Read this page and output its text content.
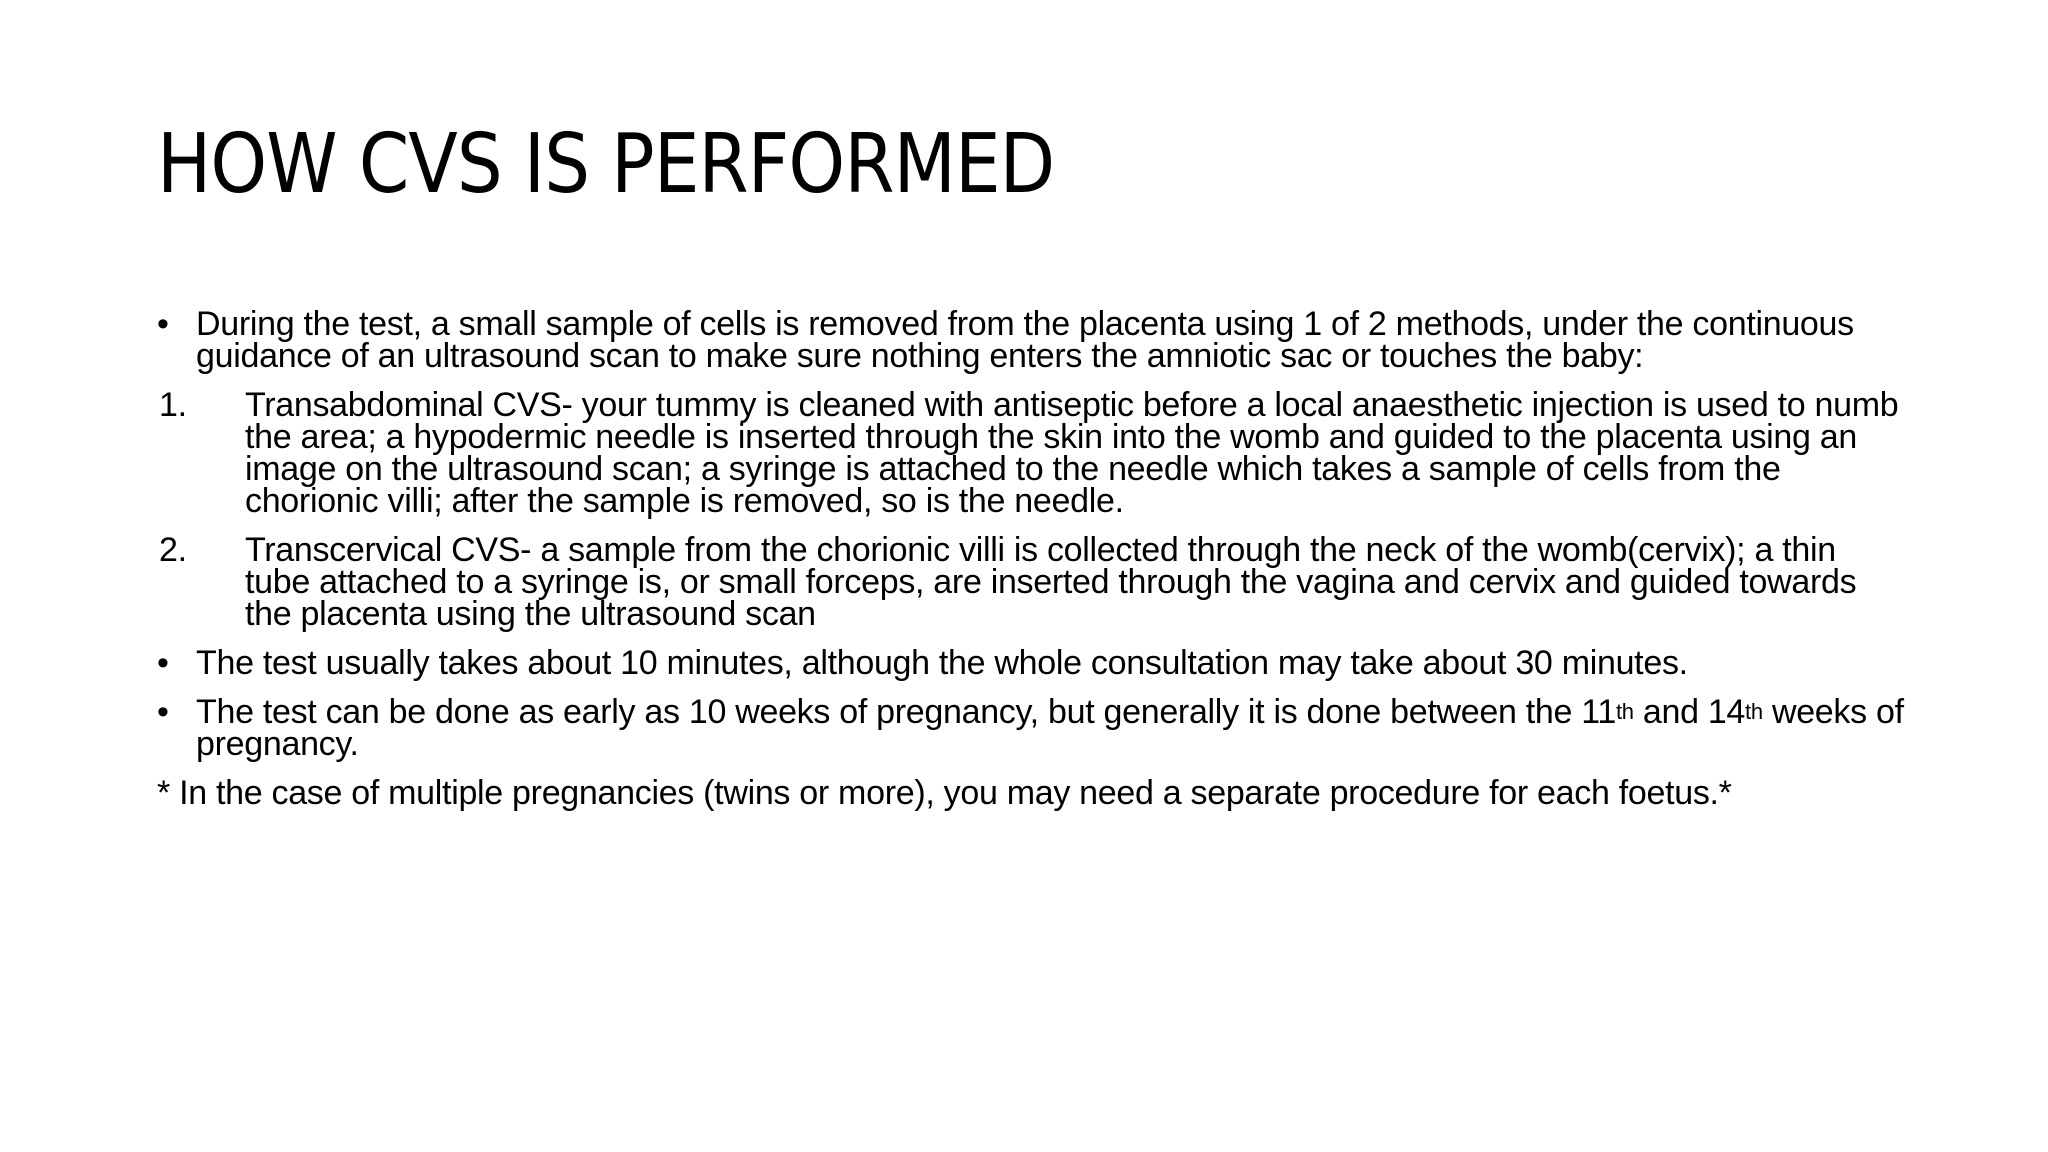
HOW CVS IS PERFORMED

• During the test, a small sample of cells is removed from the placenta using 1 of 2 methods, under the continuous guidance of an ultrasound scan to make sure nothing enters the amniotic sac or touches the baby:

1. Transabdominal CVS- your tummy is cleaned with antiseptic before a local anaesthetic injection is used to numb the area; a hypodermic needle is inserted through the skin into the womb and guided to the placenta using an image on the ultrasound scan; a syringe is attached to the needle which takes a sample of cells from the chorionic villi; after the sample is removed, so is the needle.

2. Transcervical CVS- a sample from the chorionic villi is collected through the neck of the womb(cervix); a thin tube attached to a syringe is, or small forceps, are inserted through the vagina and cervix and guided towards the placenta using the ultrasound scan

• The test usually takes about 10 minutes, although the whole consultation may take about 30 minutes.

• The test can be done as early as 10 weeks of pregnancy, but generally it is done between the 11th and 14th weeks of pregnancy.

* In the case of multiple pregnancies (twins or more), you may need a separate procedure for each foetus.*
